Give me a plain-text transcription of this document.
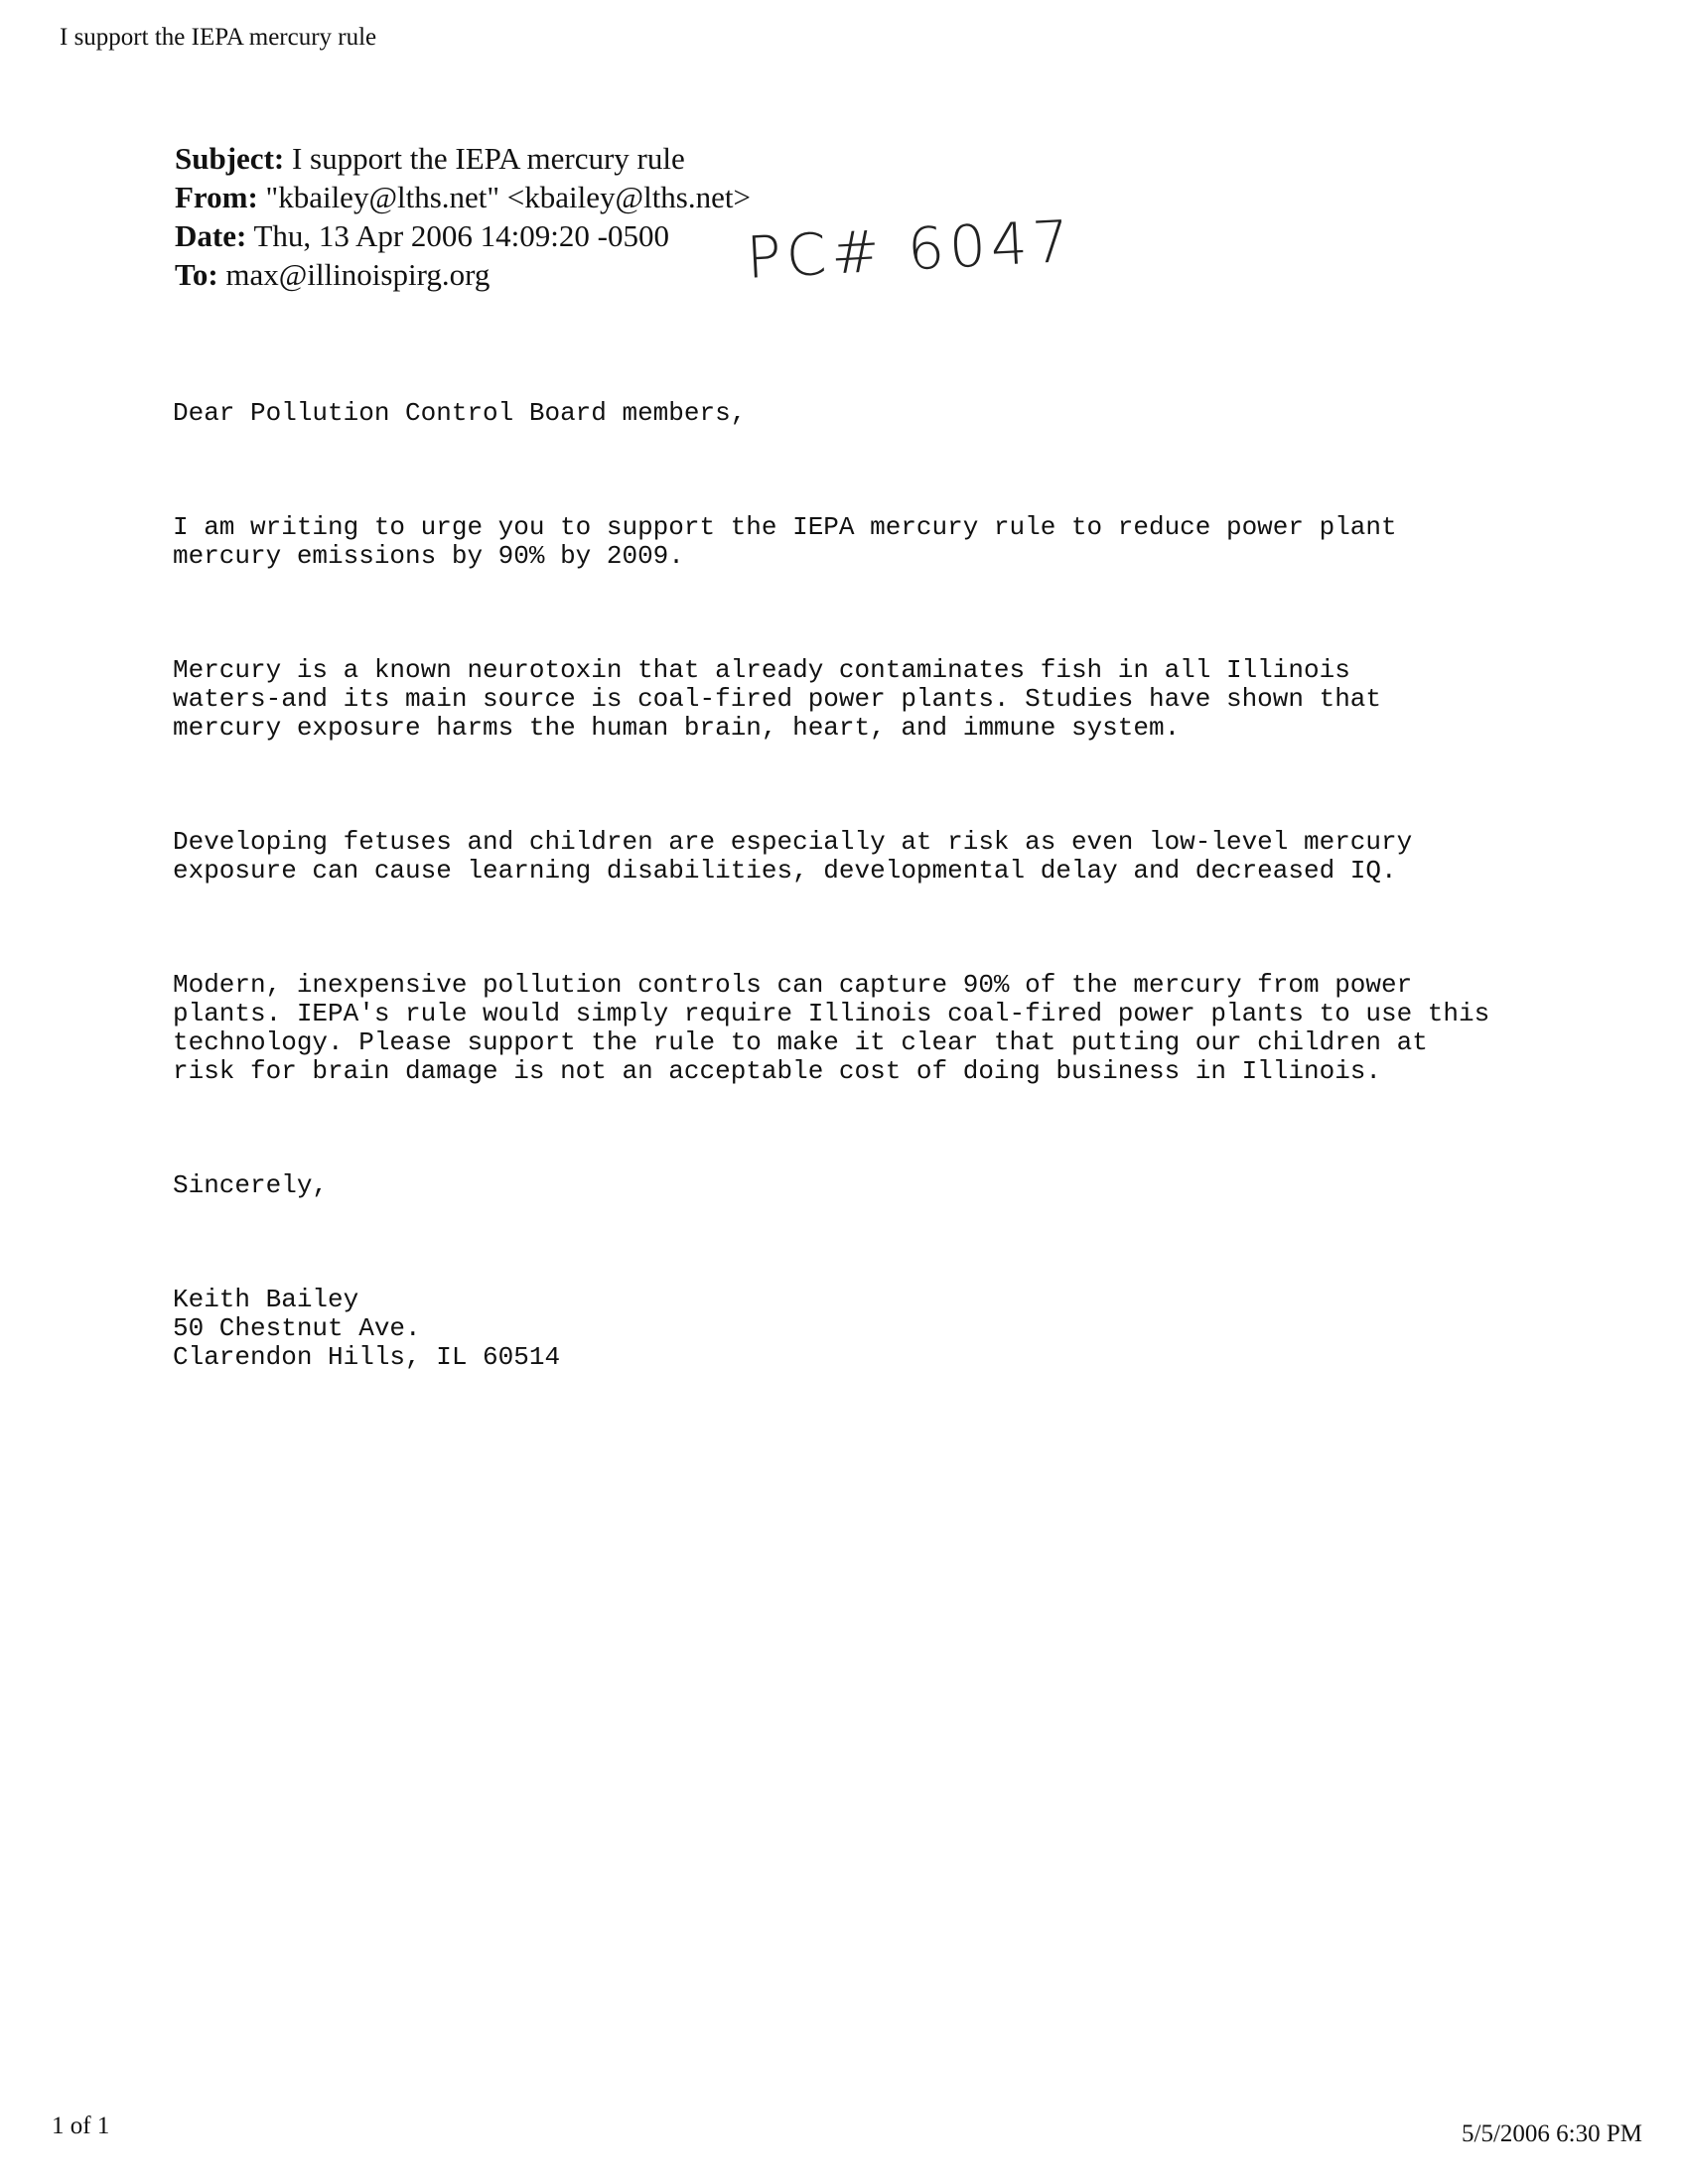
I support the IEPA mercury rule
Subject: I support the IEPA mercury rule
From: "kbailey@lths.net" <kbailey@lths.net>
Date: Thu, 13 Apr 2006 14:09:20 -0500
To: max@illinoispirg.org	PC# 6047

Dear Pollution Control Board members,

I am writing to urge you to support the IEPA mercury rule to reduce power plant
mercury emissions by 90% by 2009.

Mercury is a known neurotoxin that already contaminates fish in all Illinois
waters-and its main source is coal-fired power plants. Studies have shown that
mercury exposure harms the human brain, heart, and immune system.

Developing fetuses and children are especially at risk as even low-level mercury
exposure can cause learning disabilities, developmental delay and decreased IQ.

Modern, inexpensive pollution controls can capture 90% of the mercury from power
plants. IEPA's rule would simply require Illinois coal-fired power plants to use this
technology. Please support the rule to make it clear that putting our children at
risk for brain damage is not an acceptable cost of doing business in Illinois.

Sincerely,

Keith Bailey
50 Chestnut Ave.
Clarendon Hills, IL 60514

1 of 1	5/5/2006 6:30 PM
